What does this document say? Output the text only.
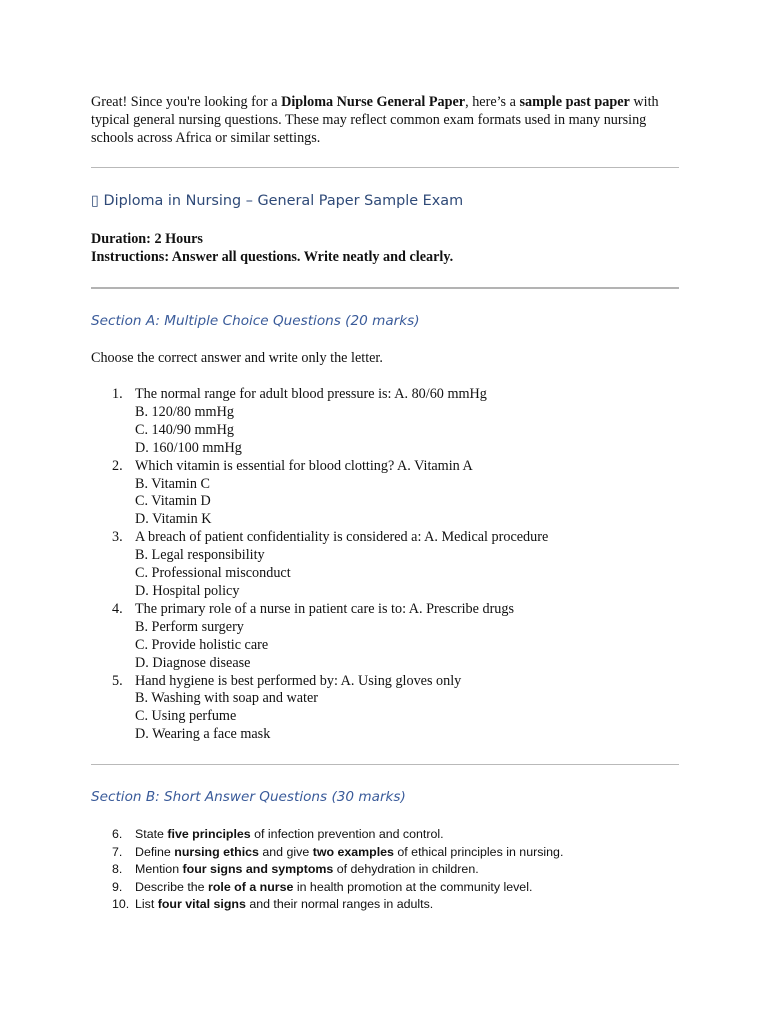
Great! Since you're looking for a Diploma Nurse General Paper, here’s a sample past paper with typical general nursing questions. These may reflect common exam formats used in many nursing schools across Africa or similar settings.

▯ Diploma in Nursing – General Paper Sample Exam

Duration: 2 Hours

Instructions: Answer all questions. Write neatly and clearly.

Section A: Multiple Choice Questions (20 marks)

Choose the correct answer and write only the letter.

1. The normal range for adult blood pressure is: A. 80/60 mmHg
B. 120/80 mmHg
C. 140/90 mmHg
D. 160/100 mmHg
2. Which vitamin is essential for blood clotting? A. Vitamin A
B. Vitamin C
C. Vitamin D
D. Vitamin K
3. A breach of patient confidentiality is considered a: A. Medical procedure
B. Legal responsibility
C. Professional misconduct
D. Hospital policy
4. The primary role of a nurse in patient care is to: A. Prescribe drugs
B. Perform surgery
C. Provide holistic care
D. Diagnose disease
5. Hand hygiene is best performed by: A. Using gloves only
B. Washing with soap and water
C. Using perfume
D. Wearing a face mask
Section B: Short Answer Questions (30 marks)
6. State five principles of infection prevention and control.
7. Define nursing ethics and give two examples of ethical principles in nursing.
8. Mention four signs and symptoms of dehydration in children.
9. Describe the role of a nurse in health promotion at the community level.
10. List four vital signs and their normal ranges in adults.
